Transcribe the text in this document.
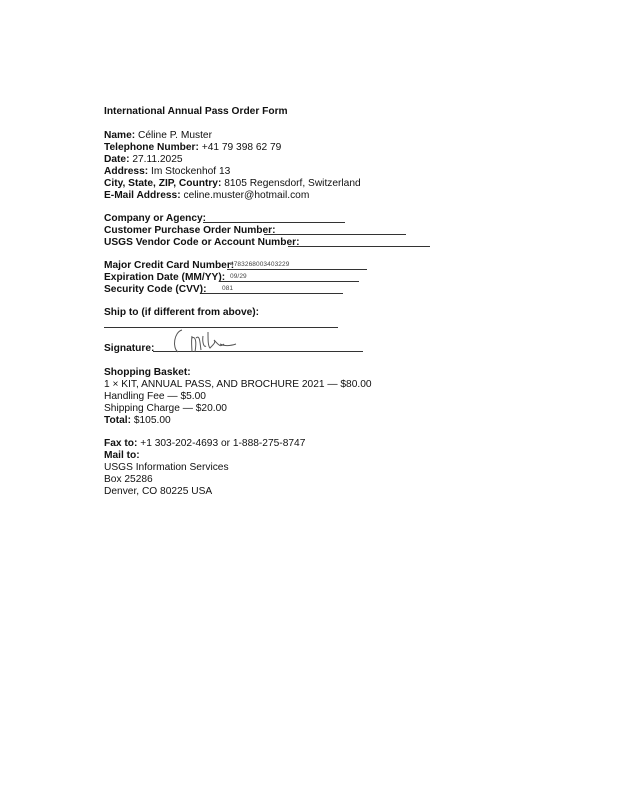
International Annual Pass Order Form
Name: Céline P. Muster
Telephone Number: +41 79 398 62 79
Date: 27.11.2025
Address: Im Stockenhof 13
City, State, ZIP, Country: 8105 Regensdorf, Switzerland
E-Mail Address: celine.muster@hotmail.com
Company or Agency:
Customer Purchase Order Number:
USGS Vendor Code or Account Number:
Major Credit Card Number:
4783268003403229
Expiration Date (MM/YY): 09/29
Security Code (CVV): 081
Ship to (if different from above):
Signature:
Shopping Basket:
1 × KIT, ANNUAL PASS, AND BROCHURE 2021 — $80.00
Handling Fee — $5.00
Shipping Charge — $20.00
Total: $105.00
Fax to: +1 303-202-4693 or 1-888-275-8747
Mail to:
USGS Information Services
Box 25286
Denver, CO 80225 USA
